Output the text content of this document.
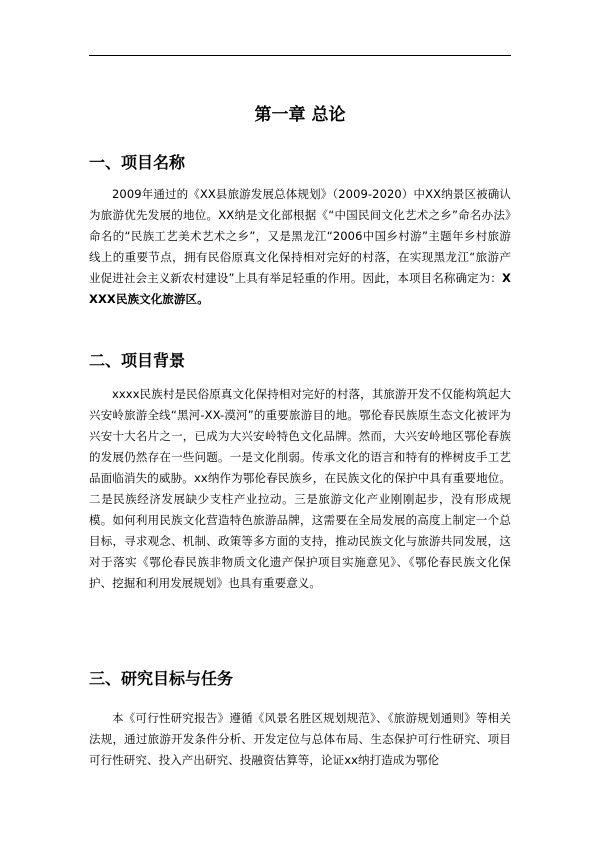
第一章 总论
一、项目名称

2009年通过的《XX县旅游发展总体规划》（2009-2020）中XX纳景区被确认为旅游优先发展的地位。XX纳是文化部根据《“中国民间文化艺术之乡”命名办法》命名的“民族工艺美术艺术之乡”，又是黑龙江“2006中国乡村游”主题年乡村旅游线上的重要节点，拥有民俗原真文化保持相对完好的村落，在实现黑龙江“旅游产业促进社会主义新农村建设”上具有举足轻重的作用。因此，本项目名称确定为：XXXX民族文化旅游区。

二、项目背景

xxxx民族村是民俗原真文化保持相对完好的村落，其旅游开发不仅能构筑起大兴安岭旅游全线“黑河-XX-漠河”的重要旅游目的地。鄂伦春民族原生态文化被评为兴安十大名片之一，已成为大兴安岭特色文化品牌。然而，大兴安岭地区鄂伦春族的发展仍然存在一些问题。一是文化削弱。传承文化的语言和特有的桦树皮手工艺品面临消失的威胁。xx纳作为鄂伦春民族乡，在民族文化的保护中具有重要地位。二是民族经济发展缺少支柱产业拉动。三是旅游文化产业刚刚起步，没有形成规模。如何利用民族文化营造特色旅游品牌，这需要在全局发展的高度上制定一个总目标，寻求观念、机制、政策等多方面的支持，推动民族文化与旅游共同发展，这对于落实《鄂伦春民族非物质文化遗产保护项目实施意见》、《鄂伦春民族文化保护、挖掘和利用发展规划》也具有重要意义。

三、研究目标与任务

本《可行性研究报告》遵循《风景名胜区规划规范》、《旅游规划通则》等相关法规，通过旅游开发条件分析、开发定位与总体布局、生态保护可行性研究、项目可行性研究、投入产出研究、投融资估算等，论证xx纳打造成为鄂伦
